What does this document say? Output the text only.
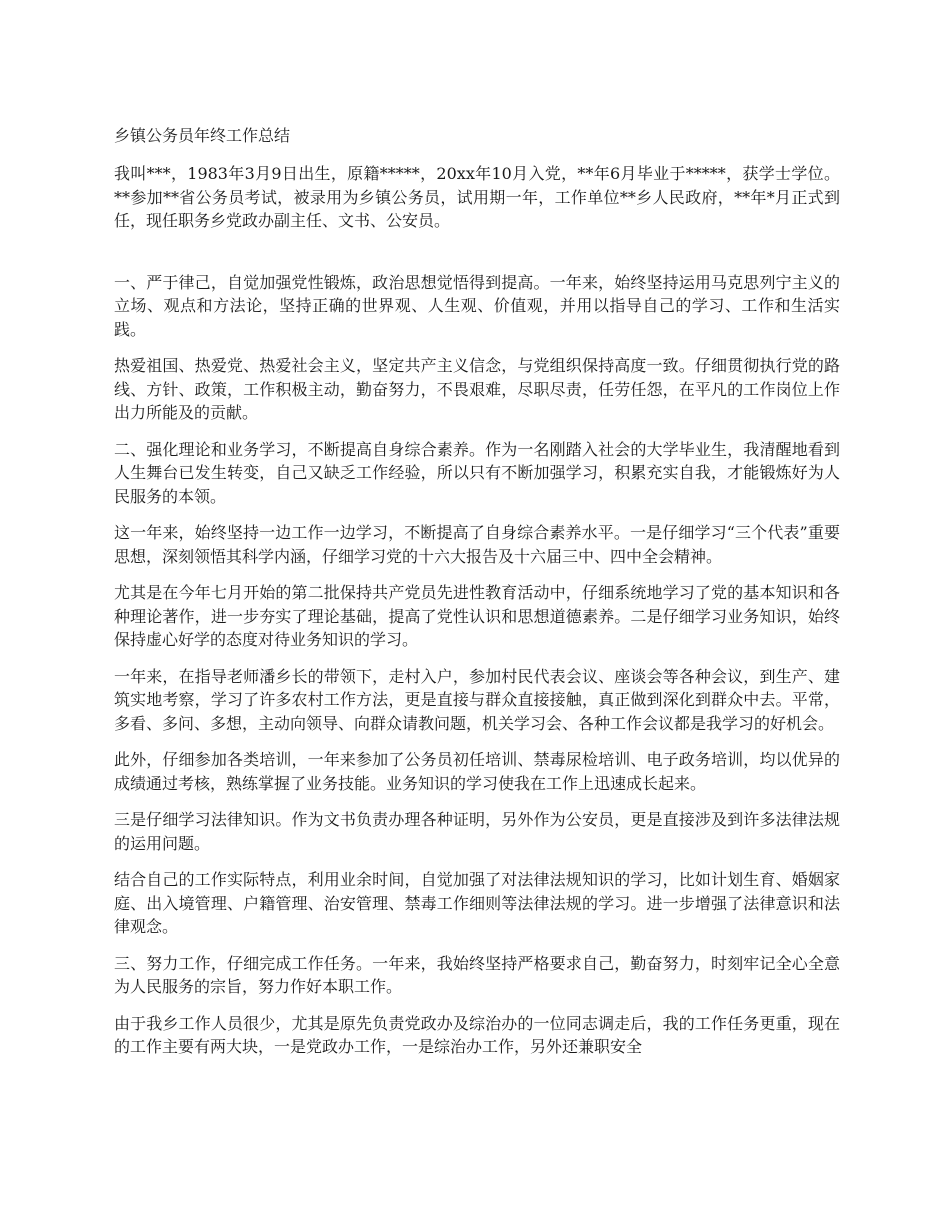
乡镇公务员年终工作总结

我叫***，1983年3月9日出生，原籍*****，20xx年10月入党，**年6月毕业于*****，获学士学位。**参加**省公务员考试，被录用为乡镇公务员，试用期一年，工作单位**乡人民政府，**年*月正式到任，现任职务乡党政办副主任、文书、公安员。

一、严于律己，自觉加强党性锻炼，政治思想觉悟得到提高。一年来，始终坚持运用马克思列宁主义的立场、观点和方法论，坚持正确的世界观、人生观、价值观，并用以指导自己的学习、工作和生活实践。

热爱祖国、热爱党、热爱社会主义，坚定共产主义信念，与党组织保持高度一致。仔细贯彻执行党的路线、方针、政策，工作积极主动，勤奋努力，不畏艰难，尽职尽责，任劳任怨，在平凡的工作岗位上作出力所能及的贡献。

二、强化理论和业务学习，不断提高自身综合素养。作为一名刚踏入社会的大学毕业生，我清醒地看到人生舞台已发生转变，自己又缺乏工作经验，所以只有不断加强学习，积累充实自我，才能锻炼好为人民服务的本领。

这一年来，始终坚持一边工作一边学习，不断提高了自身综合素养水平。一是仔细学习“三个代表”重要思想，深刻领悟其科学内涵，仔细学习党的十六大报告及十六届三中、四中全会精神。

尤其是在今年七月开始的第二批保持共产党员先进性教育活动中，仔细系统地学习了党的基本知识和各种理论著作，进一步夯实了理论基础，提高了党性认识和思想道德素养。二是仔细学习业务知识，始终保持虚心好学的态度对待业务知识的学习。

一年来，在指导老师潘乡长的带领下，走村入户，参加村民代表会议、座谈会等各种会议，到生产、建筑实地考察，学习了许多农村工作方法，更是直接与群众直接接触，真正做到深化到群众中去。平常，多看、多问、多想，主动向领导、向群众请教问题，机关学习会、各种工作会议都是我学习的好机会。

此外，仔细参加各类培训，一年来参加了公务员初任培训、禁毒尿检培训、电子政务培训，均以优异的成绩通过考核，熟练掌握了业务技能。业务知识的学习使我在工作上迅速成长起来。

三是仔细学习法律知识。作为文书负责办理各种证明，另外作为公安员，更是直接涉及到许多法律法规的运用问题。

结合自己的工作实际特点，利用业余时间，自觉加强了对法律法规知识的学习，比如计划生育、婚姻家庭、出入境管理、户籍管理、治安管理、禁毒工作细则等法律法规的学习。进一步增强了法律意识和法律观念。

三、努力工作，仔细完成工作任务。一年来，我始终坚持严格要求自己，勤奋努力，时刻牢记全心全意为人民服务的宗旨，努力作好本职工作。

由于我乡工作人员很少，尤其是原先负责党政办及综治办的一位同志调走后，我的工作任务更重，现在的工作主要有两大块，一是党政办工作，一是综治办工作，另外还兼职安全
